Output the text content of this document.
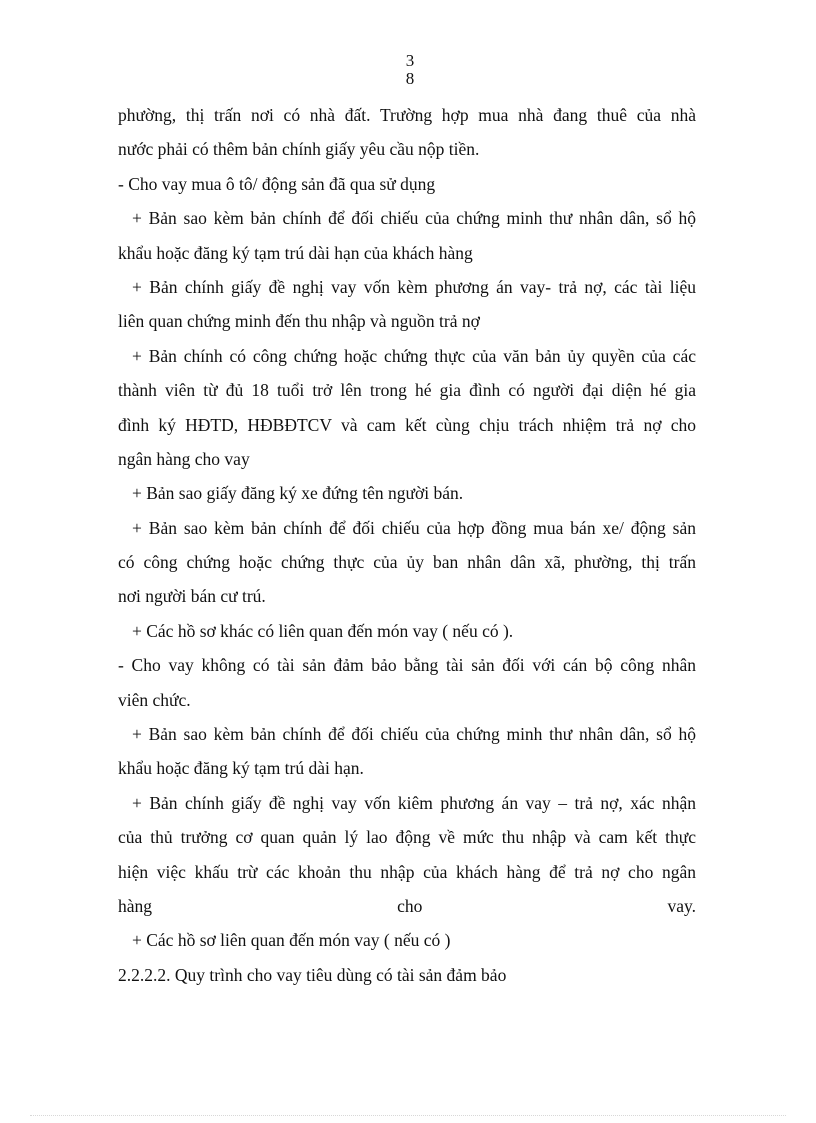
3
8
phường, thị trấn nơi có nhà đất. Trường hợp mua nhà đang thuê của nhà
nước phải có thêm bản chính giấy yêu cầu nộp tiền.
- Cho vay mua ô tô/ động sản đã qua sử dụng
+ Bản sao kèm bản chính để đối chiếu của chứng minh thư nhân dân, sổ hộ
khẩu hoặc đăng ký tạm trú dài hạn của khách hàng
+ Bản chính giấy đề nghị vay vốn kèm phương án vay- trả nợ, các tài liệu
liên quan chứng minh đến thu nhập và nguồn trả nợ
+ Bản chính có công chứng hoặc chứng thực của văn bản ủy quyền của các
thành viên từ đủ 18 tuổi trở lên trong hé gia đình có người đại diện hé gia
đình ký HĐTD, HĐBĐTCV và cam kết cùng chịu trách nhiệm trả nợ cho
ngân hàng cho vay
+ Bản sao giấy đăng ký xe đứng tên người bán.
+ Bản sao kèm bản chính để đối chiếu của hợp đồng mua bán xe/ động sản
có công chứng hoặc chứng thực của ủy ban nhân dân xã, phường, thị trấn
nơi người bán cư trú.
+ Các hồ sơ khác có liên quan đến món vay ( nếu có ).
- Cho vay không có tài sản đảm bảo bằng tài sản đối với cán bộ công nhân
viên chức.
+ Bản sao kèm bản chính để đối chiếu của chứng minh thư nhân dân, sổ hộ
khẩu hoặc đăng ký tạm trú dài hạn.
+ Bản chính giấy đề nghị vay vốn kiêm phương án vay – trả nợ, xác nhận
của thủ trưởng cơ quan quản lý lao động về mức thu nhập và cam kết thực
hiện việc khấu trừ các khoản thu nhập của khách hàng để trả nợ cho ngân
hàng cho vay.
+ Các hồ sơ liên quan đến món vay ( nếu có )
2.2.2.2. Quy trình cho vay tiêu dùng có tài sản đảm bảo
